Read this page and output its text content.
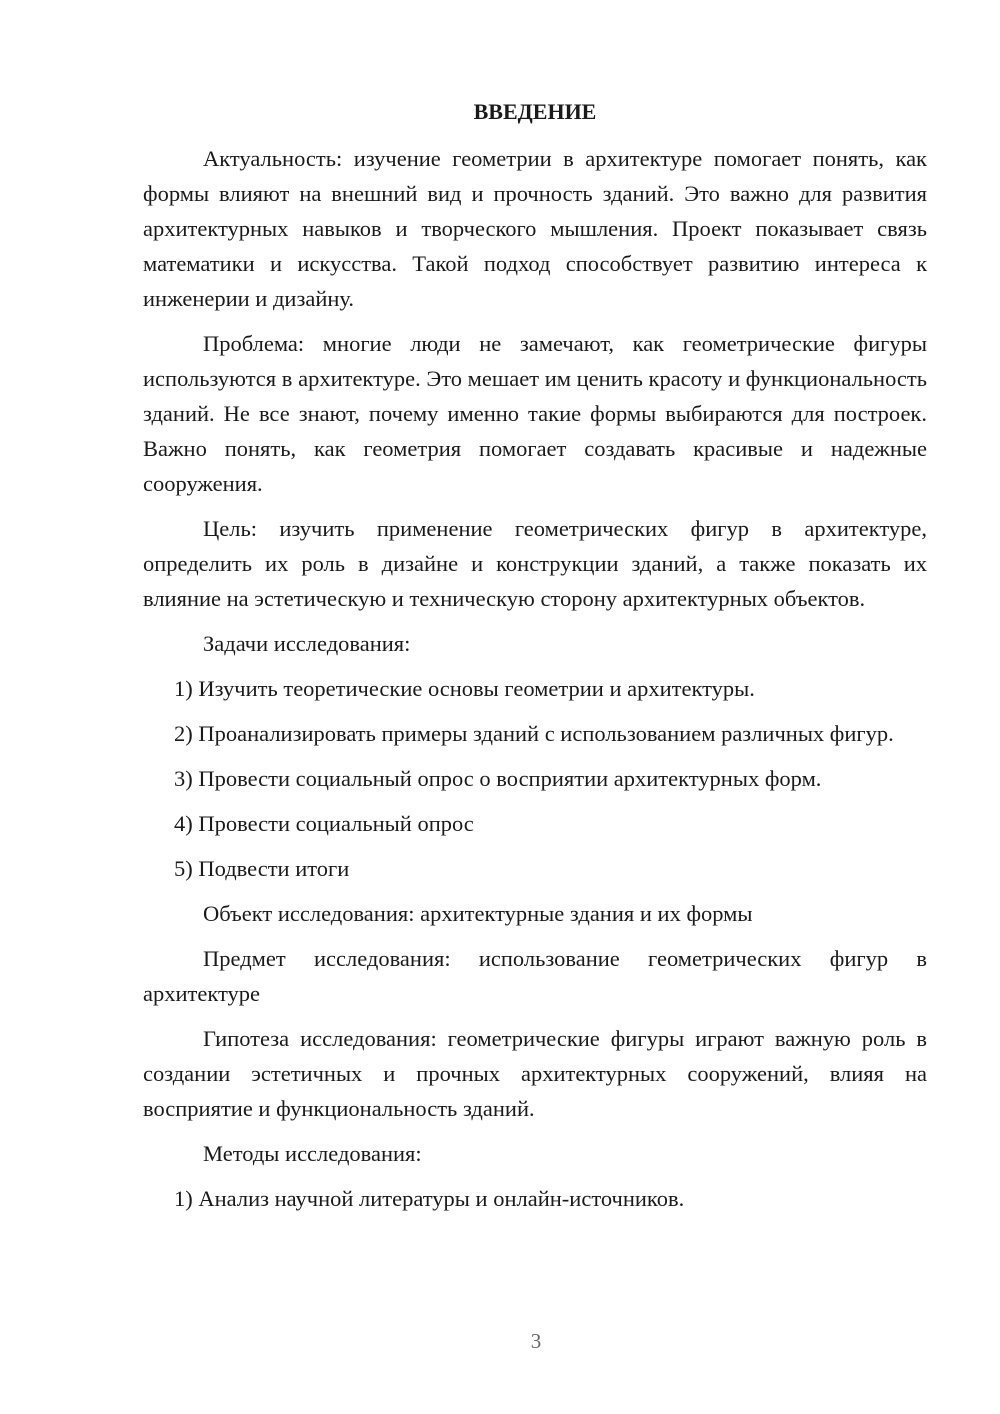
ВВЕДЕНИЕ

Актуальность: изучение геометрии в архитектуре помогает понять, как формы влияют на внешний вид и прочность зданий. Это важно для развития архитектурных навыков и творческого мышления. Проект показывает связь математики и искусства. Такой подход способствует развитию интереса к инженерии и дизайну.

Проблема: многие люди не замечают, как геометрические фигуры используются в архитектуре. Это мешает им ценить красоту и функциональность зданий. Не все знают, почему именно такие формы выбираются для построек. Важно понять, как геометрия помогает создавать красивые и надежные сооружения.

Цель: изучить применение геометрических фигур в архитектуре, определить их роль в дизайне и конструкции зданий, а также показать их влияние на эстетическую и техническую сторону архитектурных объектов.

Задачи исследования:

1) Изучить теоретические основы геометрии и архитектуры.

2) Проанализировать примеры зданий с использованием различных фигур.

3) Провести социальный опрос о восприятии архитектурных форм.

4) Провести социальный опрос

5) Подвести итоги

Объект исследования: архитектурные здания и их формы

Предмет исследования: использование геометрических фигур в архитектуре

Гипотеза исследования: геометрические фигуры играют важную роль в создании эстетичных и прочных архитектурных сооружений, влияя на восприятие и функциональность зданий.

Методы исследования:

1) Анализ научной литературы и онлайн-источников.

3
